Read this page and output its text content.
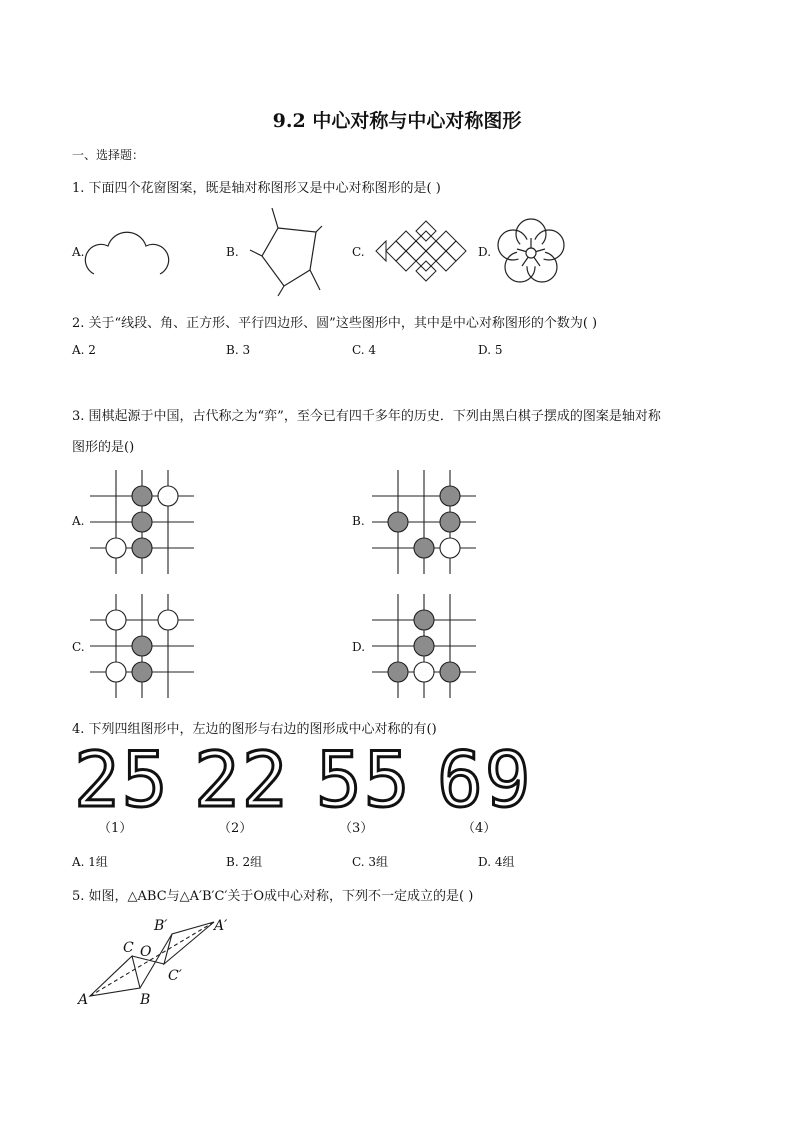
9.2 中心对称与中心对称图形
一、选择题：
1. 下面四个花窗图案，既是轴对称图形又是中心对称图形的是( )
A.	B.	C.	D.
2. 关于“线段、角、正方形、平行四边形、圆”这些图形中，其中是中心对称图形的个数为( )
A. 2	B. 3	C. 4	D. 5
3. 围棋起源于中国，古代称之为“弈”，至今已有四千多年的历史．下列由黑白棋子摆成的图案是轴对称
图形的是()
A.	B.
C.	D.
4. 下列四组图形中，左边的图形与右边的图形成中心对称的有()
25 22 55 69
（1）	（2）	（3）	（4）
A. 1组	B. 2组	C. 3组	D. 4组
5. 如图，△ABC与△A′B′C′关于O成中心对称，下列不一定成立的是( )
A	B
C O
A′
B′
C′
